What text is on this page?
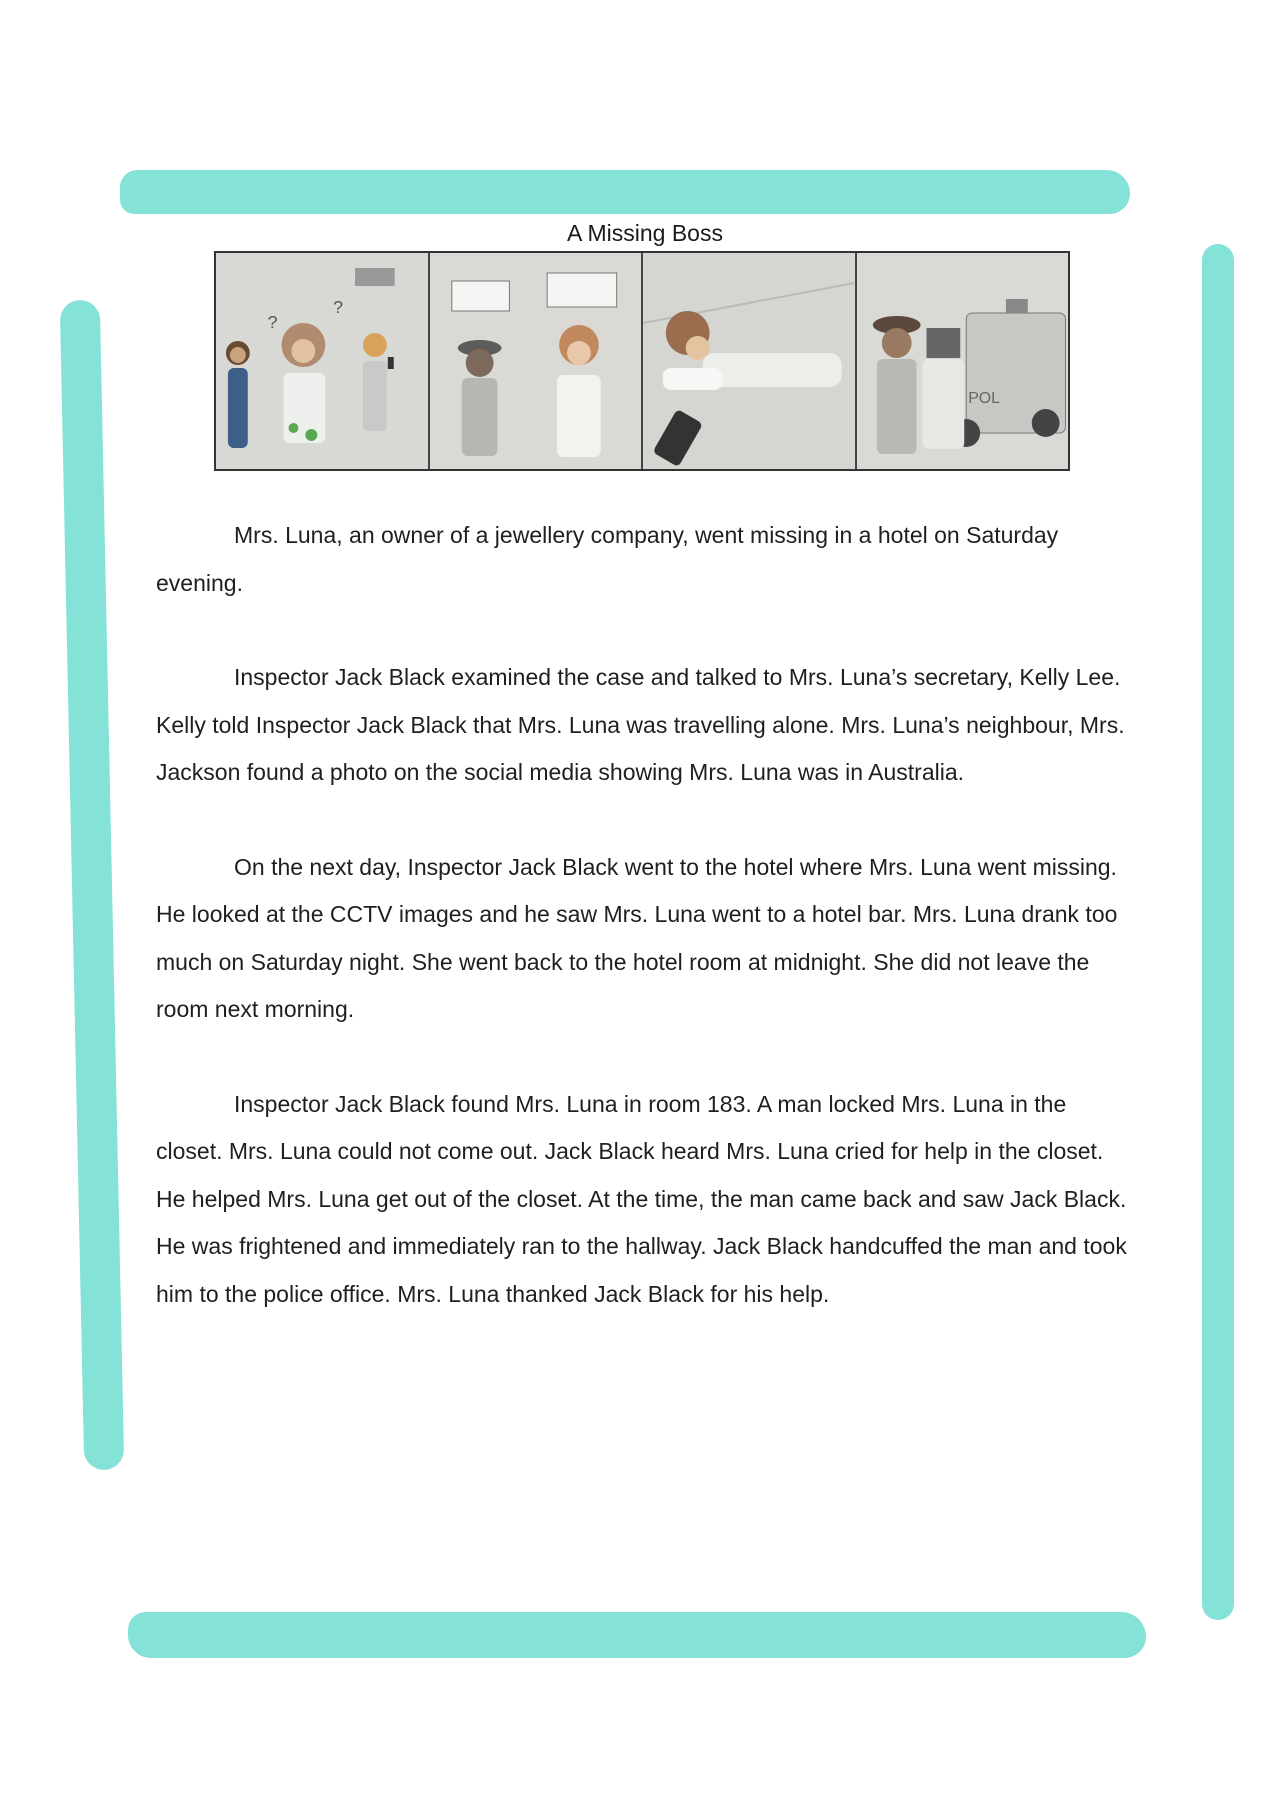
A Missing Boss
?
?
POL

Mrs. Luna, an owner of a jewellery company, went missing in a hotel on Saturday evening.

Inspector Jack Black examined the case and talked to Mrs. Luna’s secretary, Kelly Lee. Kelly told Inspector Jack Black that Mrs. Luna was travelling alone. Mrs. Luna’s neighbour, Mrs. Jackson found a photo on the social media showing Mrs. Luna was in Australia.

On the next day, Inspector Jack Black went to the hotel where Mrs. Luna went missing. He looked at the CCTV images and he saw Mrs. Luna went to a hotel bar. Mrs. Luna drank too much on Saturday night. She went back to the hotel room at midnight. She did not leave the room next morning.

Inspector Jack Black found Mrs. Luna in room 183. A man locked Mrs. Luna in the closet. Mrs. Luna could not come out. Jack Black heard Mrs. Luna cried for help in the closet. He helped Mrs. Luna get out of the closet. At the time, the man came back and saw Jack Black. He was frightened and immediately ran to the hallway. Jack Black handcuffed the man and took him to the police office. Mrs. Luna thanked Jack Black for his help.
